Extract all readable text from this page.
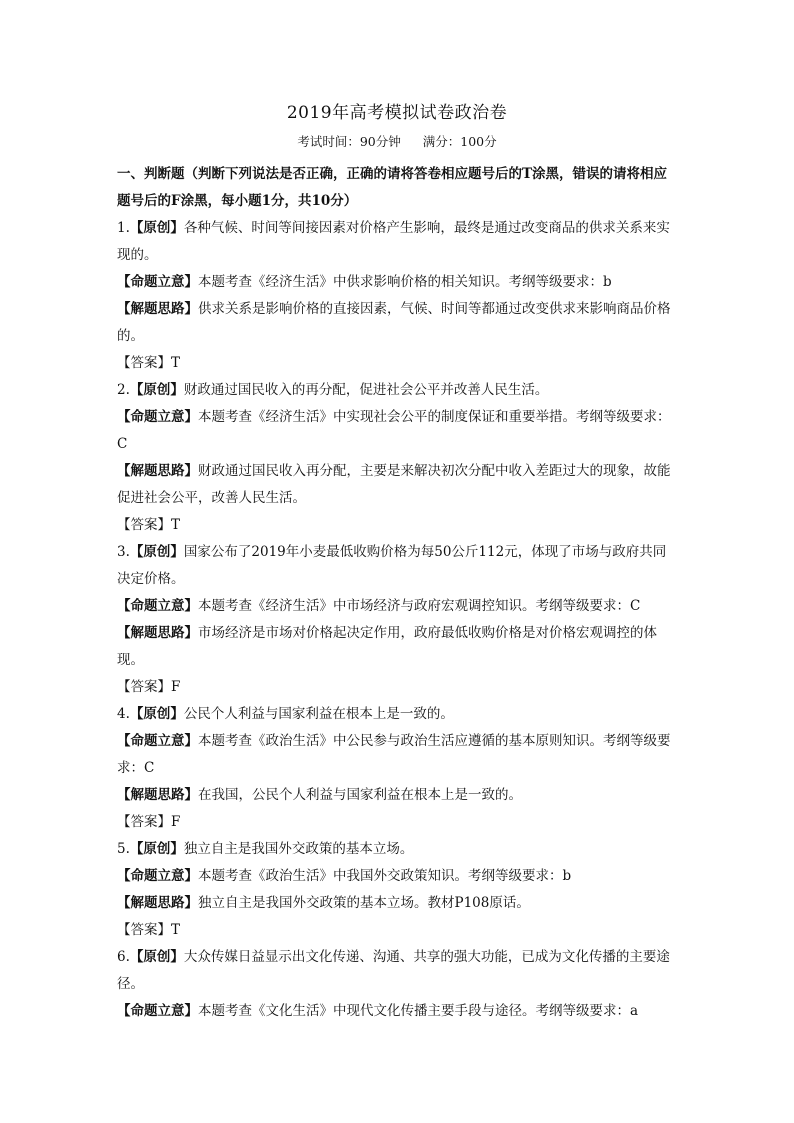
2019年高考模拟试卷政治卷
考试时间：90分钟 满分：100分

一、判断题（判断下列说法是否正确，正确的请将答卷相应题号后的T涂黑，错误的请将相应题号后的F涂黑，每小题1分，共10分）

1.【原创】各种气候、时间等间接因素对价格产生影响，最终是通过改变商品的供求关系来实现的。

【命题立意】本题考查《经济生活》中供求影响价格的相关知识。考纲等级要求：b

【解题思路】供求关系是影响价格的直接因素，气候、时间等都通过改变供求来影响商品价格的。

【答案】T

2.【原创】财政通过国民收入的再分配，促进社会公平并改善人民生活。

【命题立意】本题考查《经济生活》中实现社会公平的制度保证和重要举措。考纲等级要求：C

【解题思路】财政通过国民收入再分配，主要是来解决初次分配中收入差距过大的现象，故能促进社会公平，改善人民生活。

【答案】T

3.【原创】国家公布了2019年小麦最低收购价格为每50公斤112元，体现了市场与政府共同决定价格。

【命题立意】本题考查《经济生活》中市场经济与政府宏观调控知识。考纲等级要求：C

【解题思路】市场经济是市场对价格起决定作用，政府最低收购价格是对价格宏观调控的体现。

【答案】F

4.【原创】公民个人利益与国家利益在根本上是一致的。

【命题立意】本题考查《政治生活》中公民参与政治生活应遵循的基本原则知识。考纲等级要求：C

【解题思路】在我国，公民个人利益与国家利益在根本上是一致的。

【答案】F

5.【原创】独立自主是我国外交政策的基本立场。

【命题立意】本题考查《政治生活》中我国外交政策知识。考纲等级要求：b

【解题思路】独立自主是我国外交政策的基本立场。教材P108原话。

【答案】T

6.【原创】大众传媒日益显示出文化传递、沟通、共享的强大功能，已成为文化传播的主要途径。

【命题立意】本题考查《文化生活》中现代文化传播主要手段与途径。考纲等级要求：a
